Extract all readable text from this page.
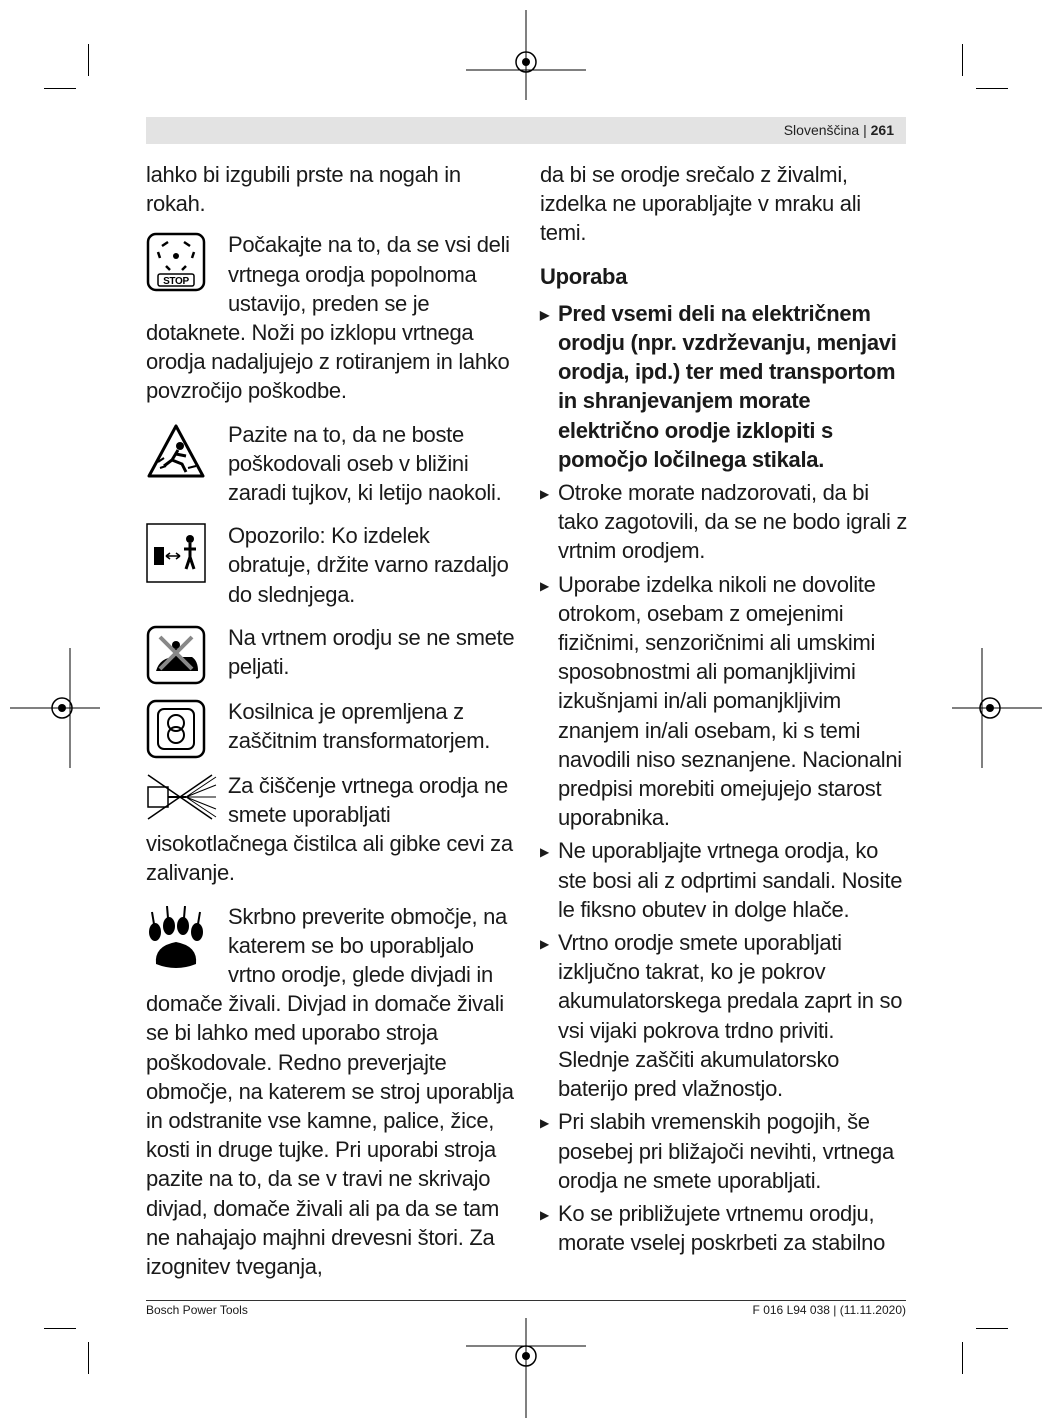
Slovenščina | 261

lahko bi izgubili prste na nogah in rokah.

STOP

Počakajte na to, da se vsi deli vrtnega orodja popolnoma ustavijo, preden se je dotaknete. Noži po izklopu vrtnega orodja nadaljujejo z rotiranjem in lahko povzročijo poškodbe.

Pazite na to, da ne boste poškodovali oseb v bližini zaradi tujkov, ki letijo naokoli.

Opozorilo: Ko izdelek obratuje, držite varno razdaljo do slednjega.

Na vrtnem orodju se ne smete peljati.

Kosilnica je opremljena z zaščitnim transformatorjem.

Za čiščenje vrtnega orodja ne smete uporabljati visokotlačnega čistilca ali gibke cevi za zalivanje.

Skrbno preverite območje, na katerem se bo uporabljalo vrtno orodje, glede divjadi in domače živali. Divjad in domače živali se bi lahko med uporabo stroja poškodovale. Redno preverjajte območje, na katerem se stroj uporablja in odstranite vse kamne, palice, žice, kosti in druge tujke. Pri uporabi stroja pazite na to, da se v travi ne skrivajo divjad, domače živali ali pa da se tam ne nahajajo majhni drevesni štori. Za izognitev tveganja,

da bi se orodje srečalo z živalmi, izdelka ne uporabljajte v mraku ali temi.

Uporaba
▶ Pred vsemi deli na električnem orodju (npr. vzdrževanju, menjavi orodja, ipd.) ter med transportom in shranjevanjem morate električno orodje izklopiti s pomočjo ločilnega stikala.
▶ Otroke morate nadzorovati, da bi tako zagotovili, da se ne bodo igrali z vrtnim orodjem.
▶ Uporabe izdelka nikoli ne dovolite otrokom, osebam z omejenimi fizičnimi, senzoričnimi ali umskimi sposobnostmi ali pomanjkljivimi izkušnjami in/ali pomanjkljivim znanjem in/ali osebam, ki s temi navodili niso seznanjene. Nacionalni predpisi morebiti omejujejo starost uporabnika.
▶ Ne uporabljajte vrtnega orodja, ko ste bosi ali z odprtimi sandali. Nosite le fiksno obutev in dolge hlače.
▶ Vrtno orodje smete uporabljati izključno takrat, ko je pokrov akumulatorskega predala zaprt in so vsi vijaki pokrova trdno priviti. Slednje zaščiti akumulatorsko baterijo pred vlažnostjo.
▶ Pri slabih vremenskih pogojih, še posebej pri bližajoči nevihti, vrtnega orodja ne smete uporabljati.
▶ Ko se približujete vrtnemu orodju, morate vselej poskrbeti za stabilno
Bosch Power Tools	F 016 L94 038 | (11.11.2020)
